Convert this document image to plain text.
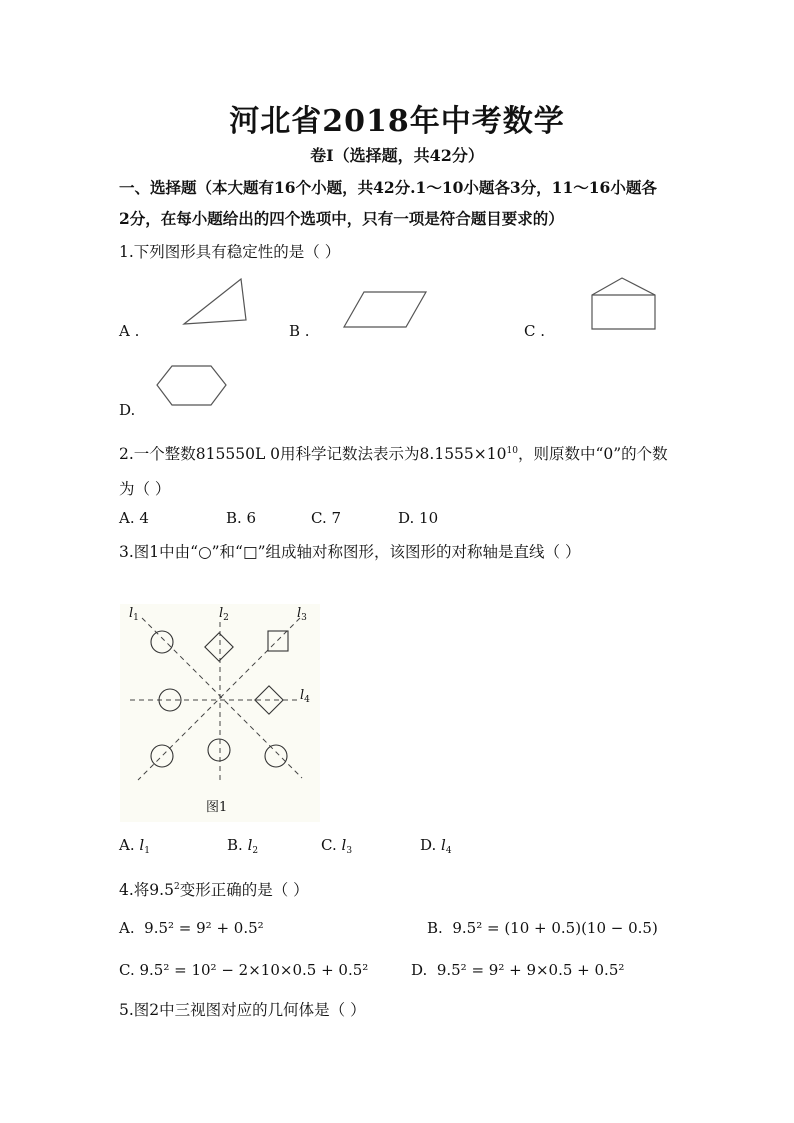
河北省2018年中考数学
卷Ⅰ（选择题，共42分）
一、选择题（本大题有16个小题，共42分.1～10小题各3分，11～16小题各
2分，在每小题给出的四个选项中，只有一项是符合题目要求的）
1.下列图形具有稳定性的是（ ）
A .	B .	C .
D.
2.一个整数815550L 0用科学记数法表示为$8.1555\times 10^{10}$，则原数中“0”的个数
为（ ）
A. 4	B. 6	C. 7	D. 10
3.图1中由“○”和“□”组成轴对称图形，该图形的对称轴是直线（ ）
$l_1$	$l_2$	$l_3$
$l_4$
图1
A. $l_1$	B. $l_2$	C. $l_3$	D. $l_4$
4.将$9.5^2$变形正确的是（ ）
A. 9.5² = 9² + 0.5²	B. 9.5² = (10 + 0.5)(10 − 0.5)
C. 9.5² = 10² − 2×10×0.5 + 0.5²	D. 9.5² = 9² + 9×0.5 + 0.5²
5.图2中三视图对应的几何体是（ ）
